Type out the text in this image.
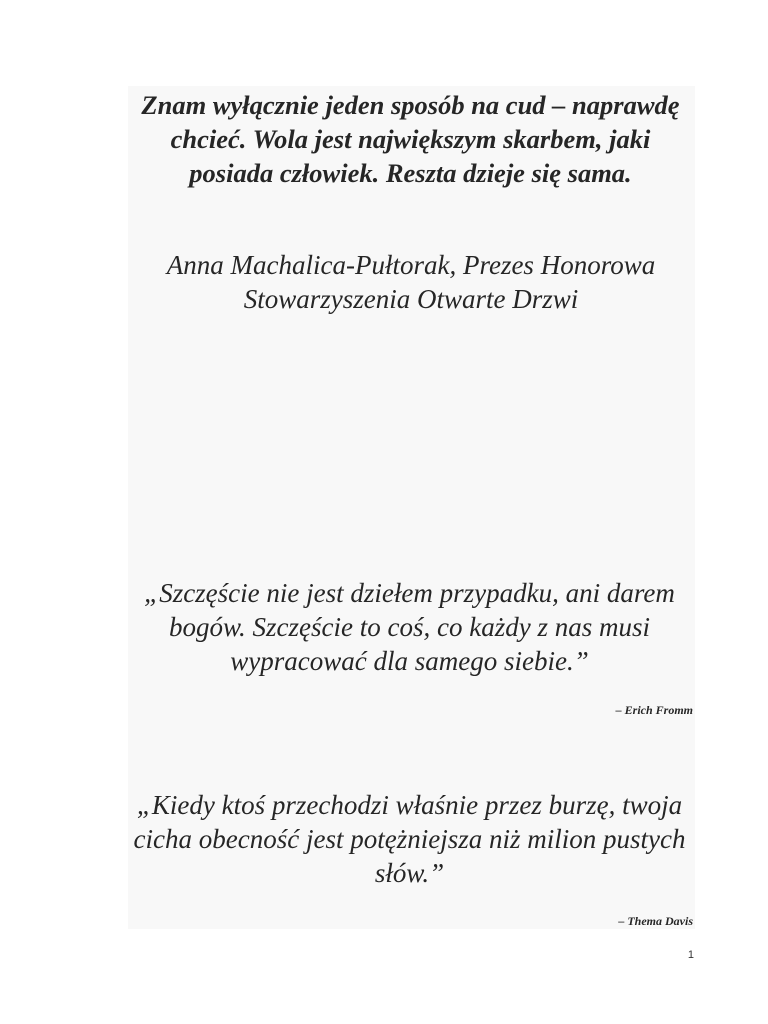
Znam wyłącznie jeden sposób na cud – naprawdę chcieć. Wola jest największym skarbem, jaki posiada człowiek. Reszta dzieje się sama.

Anna Machalica-Pułtorak, Prezes Honorowa Stowarzyszenia Otwarte Drzwi

„Szczęście nie jest dziełem przypadku, ani darem bogów. Szczęście to coś, co każdy z nas musi wypracować dla samego siebie.”

– Erich Fromm

„Kiedy ktoś przechodzi właśnie przez burzę, twoja cicha obecność jest potężniejsza niż milion pustych słów.”

– Thema Davis

1
